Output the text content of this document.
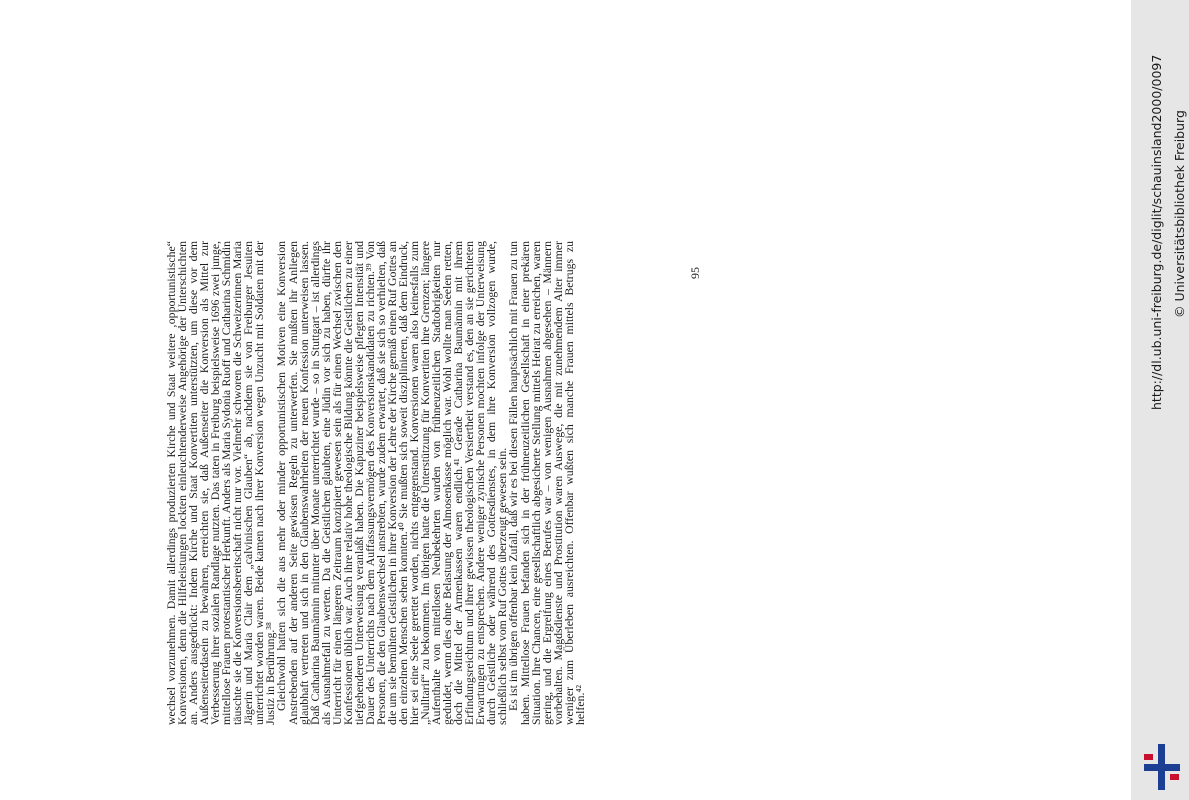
wechsel vorzunehmen. Damit allerdings produzierten Kirche und Staat weitere ‚opportunistische“ Konversionen, denn die Hilfeleistungen lockten einleuchtenderweise Angehörige der Unterschichten an. Anders ausgedrückt: Indem Kirche und Staat Konvertiten unterstützten, um diese vor dem Außenseiterdasein zu bewahren, erreichten sie, daß Außenseiter die Konversion als Mittel zur Verbesserung ihrer sozialen Randlage nutzten. Das taten in Freiburg beispielsweise 1696 zwei junge, mittellose Frauen protestantischer Herkunft. Anders als Maria Sydonia Ruoff und Catharina Schmidin täuschte sie die Konversionsbereitschaft nicht nur vor. Vielmehr schworen die Schweizerinnen Maria Jägerin und Maria Clair dem „calvinischen Glauben“ ab, nachdem sie von Freiburger Jesuiten unterrichtet worden waren. Beide kamen nach ihrer Konversion wegen Unzucht mit Soldaten mit der Justiz in Berührung.³⁸

Gleichwohl hatten sich die aus mehr oder minder opportunistischen Motiven eine Konversion Anstrebenden auf der anderen Seite gewissen Regeln zu unterwerfen. Sie mußten ihr Anliegen glaubhaft vertreten und sich in den Glaubenswahrheiten der neuen Konfession unterweisen lassen. Daß Catharina Baumännin mitunter über Monate unterrichtet wurde – so in Stuttgart – ist allerdings als Ausnahmefall zu werten. Da die Geistlichen glaubten, eine Jüdin vor sich zu haben, dürfte ihr Unterricht für einen längeren Zeitraum konzipiert gewesen sein als für einen Wechsel zwischen den Konfessionen üblich war. Auch ihre relativ hohe theologische Bildung könnte die Geistlichen zu einer tiefgehenderen Unterweisung veranlaßt haben. Die Kapuziner beispielsweise pflegten Intensität und Dauer des Unterrichts nach dem Auffassungsvermögen des Konversionskandidaten zu richten.³⁹ Von Personen, die den Glaubenswechsel anstrebten, wurde zudem erwartet, daß sie sich so verhielten, daß die um sie bemühten Geistlichen in ihrer Konversion der Lehre der Kirche gemäß einen Ruf Gottes an den einzelnen Menschen sehen konnten.⁴⁰ Sie mußten sich soweit disziplinieren, daß dem Eindruck, hier sei eine Seele gerettet worden, nichts entgegenstand. Konversionen waren also keinesfalls zum „Nulltarif“ zu bekommen. Im übrigen hatte die Unterstützung für Konvertiten ihre Grenzen; längere Aufenthalte von mittellosen Neubekehrten wurden von frühneuzeitlichen Stadtobrigkeiten nur geduldet, wenn dies ohne Belastung der Almosenkasse möglich war. Wohl wollte man Seelen retten, doch die Mittel der Armenkassen waren endlich.⁴¹ Gerade Catharina Baumännin mit ihrem Erfindungsreichtum und ihrer gewissen theologischen Versiertheit verstand es, den an sie gerichteten Erwartungen zu entsprechen. Andere weniger zynische Personen mochten infolge der Unterweisung durch Geistliche oder während des Gottesdienstes, in dem ihre Konversion vollzogen wurde, schließlich selbst vom Ruf Gottes überzeugt gewesen sein.

Es ist im übrigen offenbar kein Zufall, daß wir es bei diesen Fällen hauptsächlich mit Frauen zu tun haben. Mittellose Frauen befanden sich in der frühneuzeitlichen Gesellschaft in einer prekären Situation. Ihre Chancen, eine gesellschaftlich abgesicherte Stellung mittels Heirat zu erreichen, waren gering, und die Ergreifung eines Berufes war – von wenigen Ausnahmen abgesehen – Männern vorbehalten. Magdsdienste und Prostitution waren Auswege, die mit zunehmendem Alter immer weniger zum Überleben ausreichten. Offenbar wußten sich manche Frauen mittels Betrugs zu helfen.⁴²

95	http://dl.ub.uni-freiburg.de/diglit/schauinsland2000/0097 © Universitätsbibliothek Freiburg
